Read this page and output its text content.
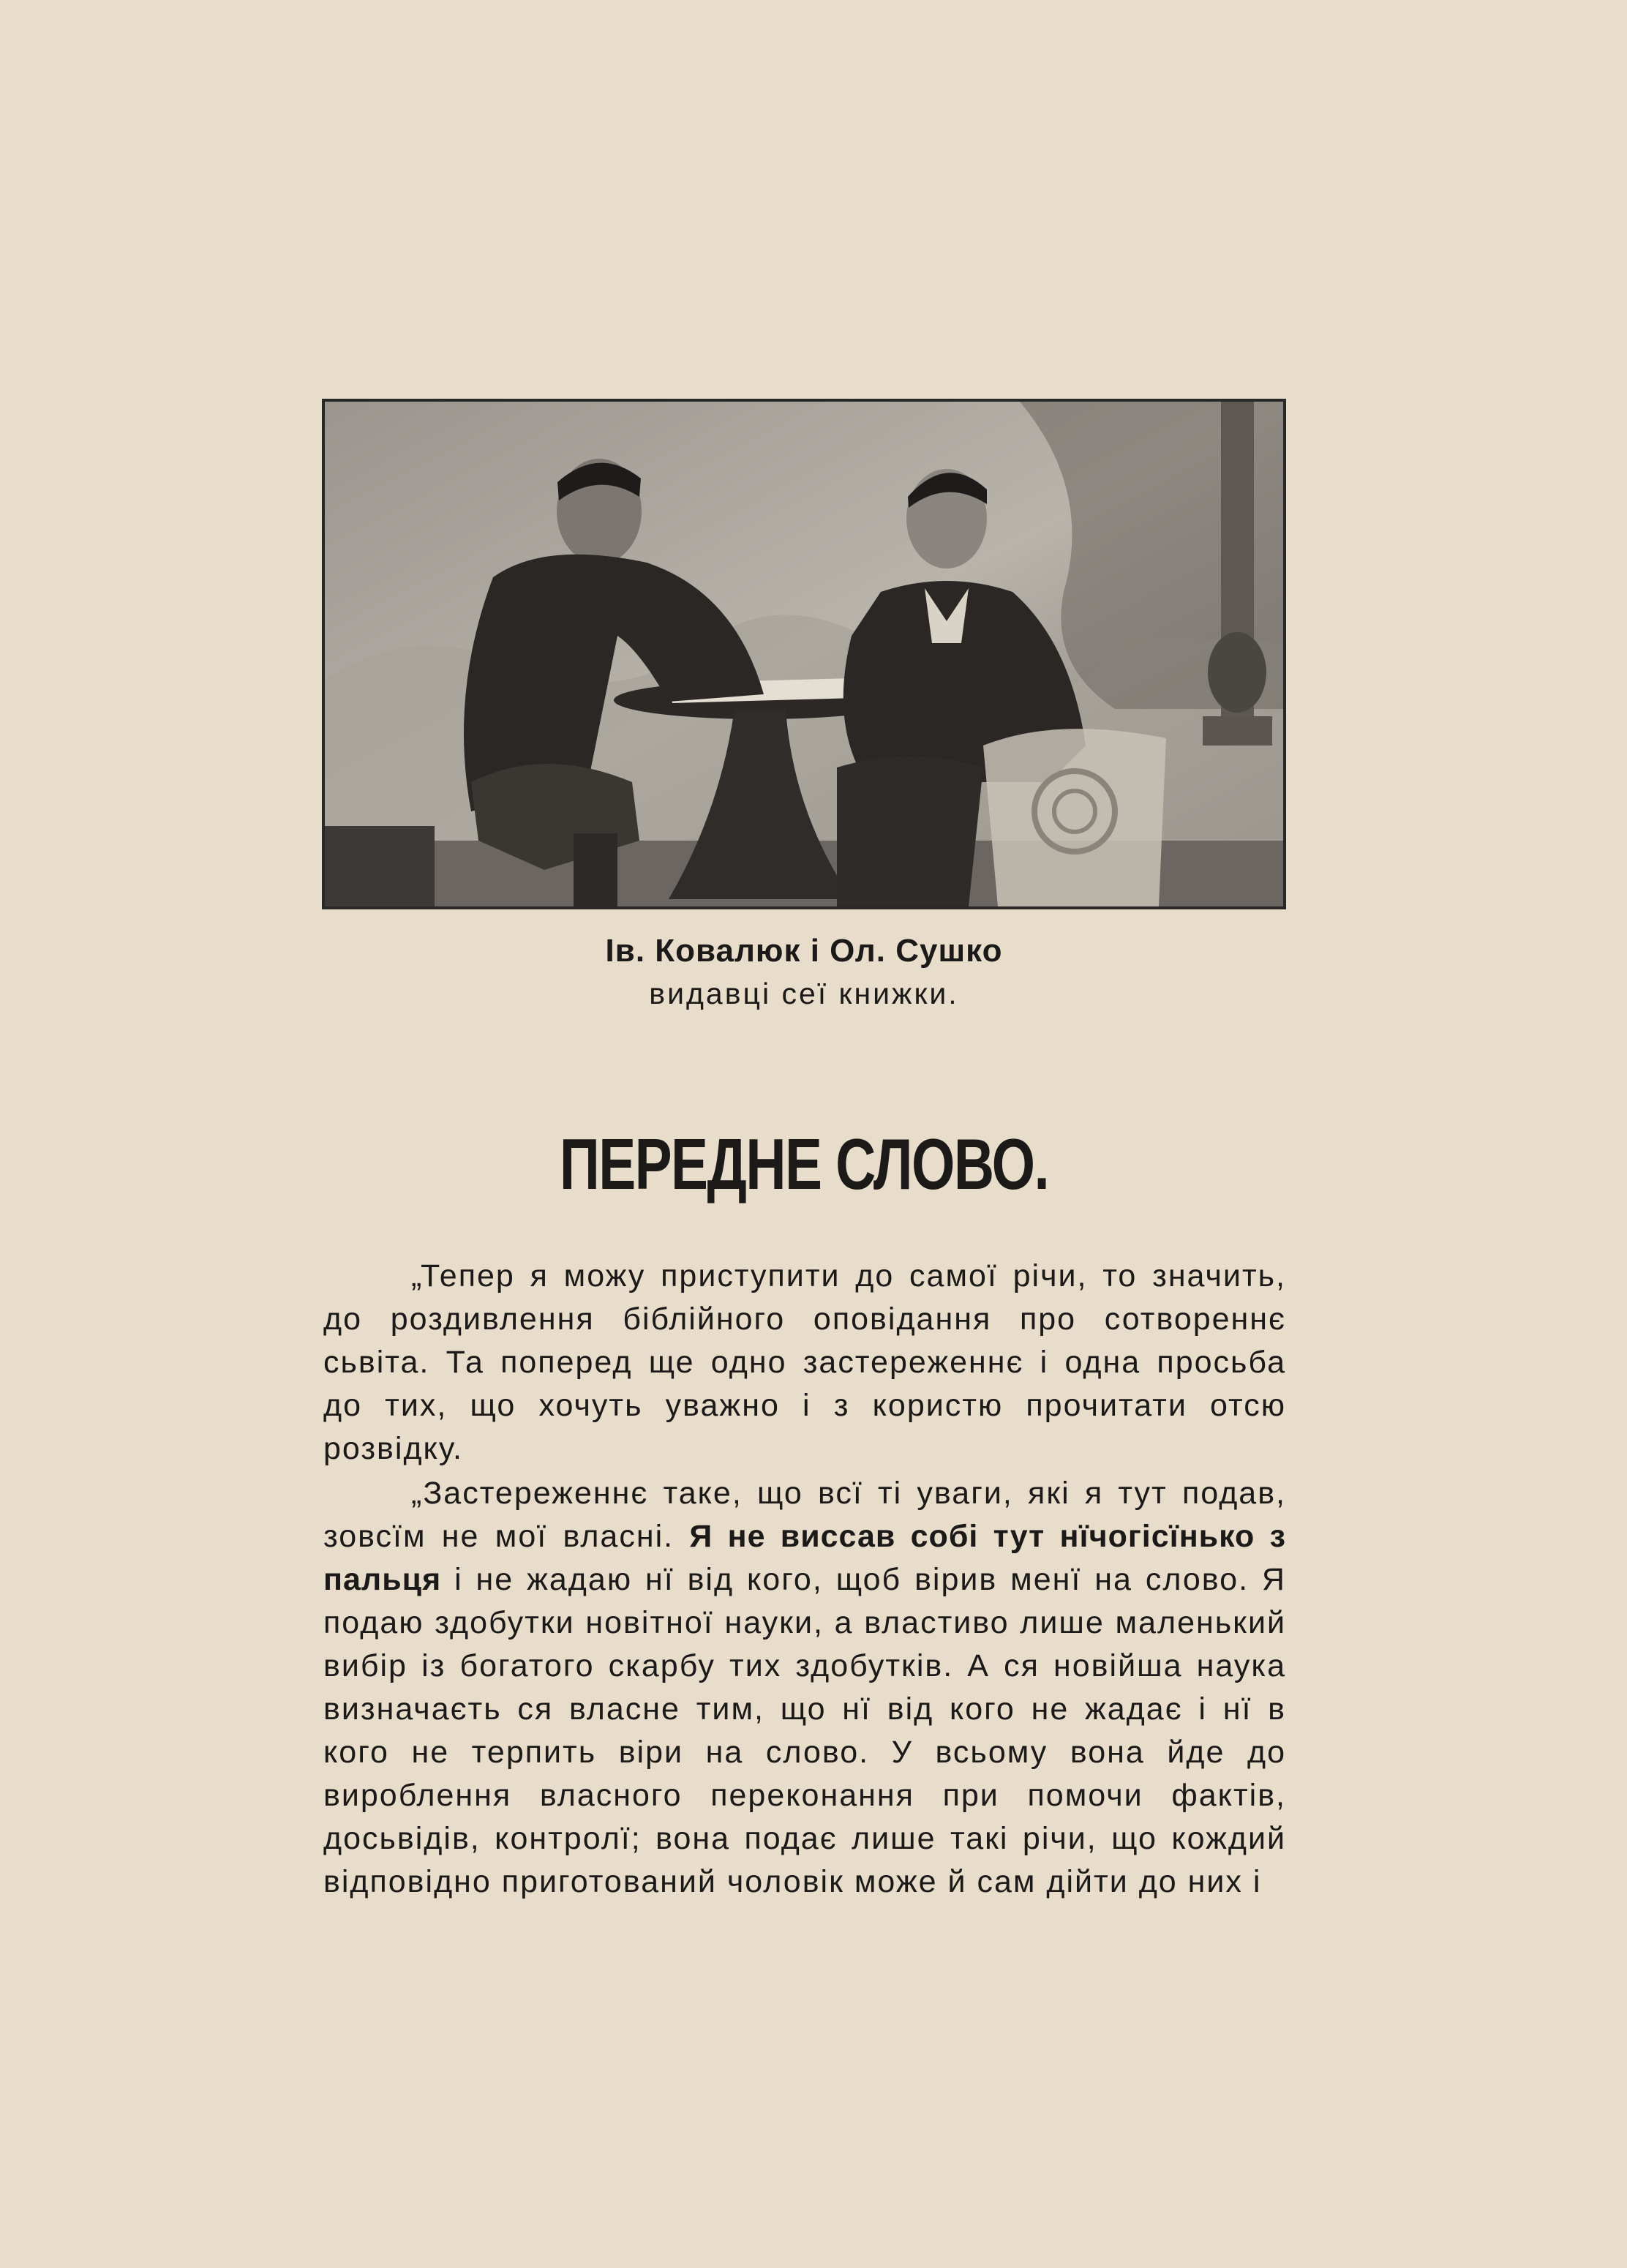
Ів. Ковалюк і Ол. Сушко
видавці сеї книжки.
ПЕРЕДНЕ СЛОВО.

„Тепер я можу приступити до самої річи, то значить, до роздивлення біблійного оповідання про сотвореннє сьвіта. Та поперед ще одно застереженнє і одна просьба до тих, що хочуть уважно і з користю прочитати отсю розвідку.

„Застереженнє таке, що всї ті уваги, які я тут подав, зовсїм не мої власні. Я не виссав собі тут нїчогісїнько з пальця і не жадаю нї від кого, щоб вірив менї на слово. Я подаю здобутки новітної науки, а властиво лише маленький вибір із богатого скарбу тих здобутків. А ся новійша наука визначаєть ся власне тим, що нї від кого не жадає і нї в кого не терпить віри на слово. У всьому вона йде до вироблення власного переконання при помочи фактів, досьвідів, контролї; вона подає лише такі річи, що кождий відповідно приготований чоловік може й сам дійти до них і
